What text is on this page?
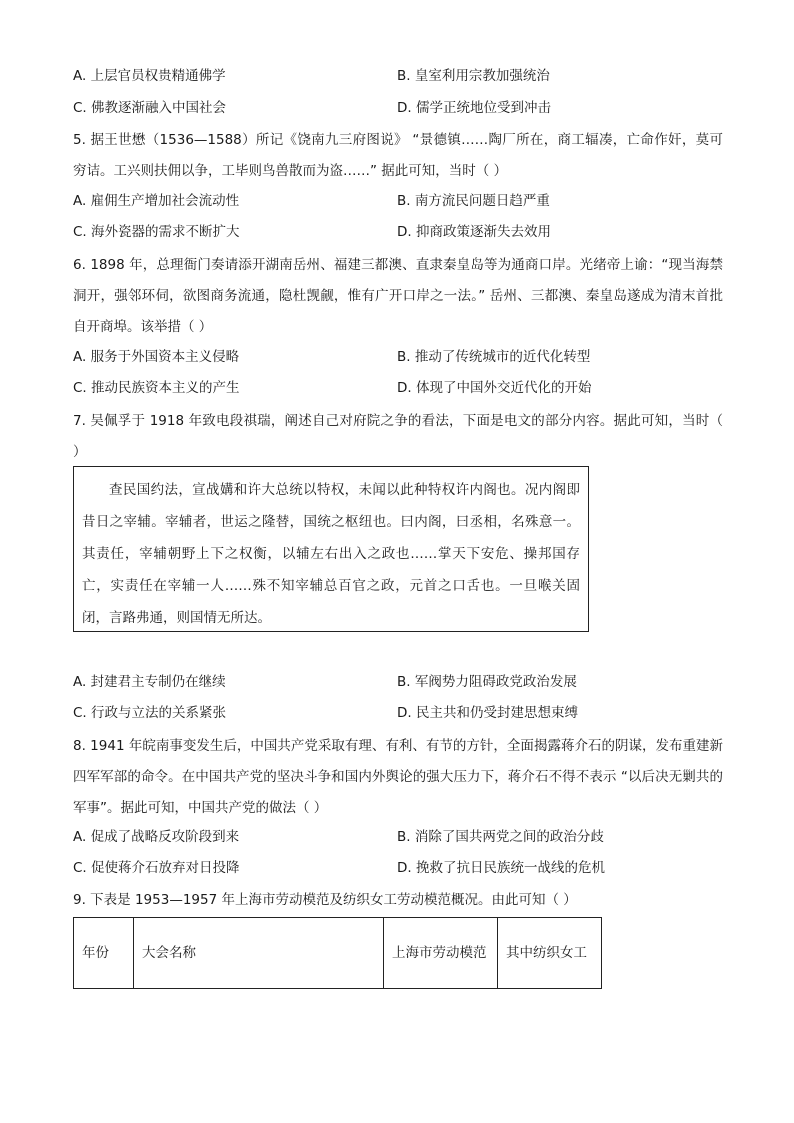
A. 上层官员权贵精通佛学	B. 皇室利用宗教加强统治
C. 佛教逐渐融入中国社会	D. 儒学正统地位受到冲击
5. 据王世懋（1536—1588）所记《饶南九三府图说》 “景德镇……陶厂所在，商工辐凑，亡命作奸，莫可穷诘。工兴则扶佣以争，工毕则鸟兽散而为盗……” 据此可知，当时（ ）
A. 雇佣生产增加社会流动性	B. 南方流民问题日趋严重
C. 海外瓷器的需求不断扩大	D. 抑商政策逐渐失去效用
6. 1898 年，总理衙门奏请添开湖南岳州、福建三都澳、直隶秦皇岛等为通商口岸。光绪帝上谕：“现当海禁洞开，强邻环伺，欲图商务流通，隐杜觊觎，惟有广开口岸之一法。” 岳州、三都澳、秦皇岛遂成为清末首批自开商埠。该举措（ ）
A. 服务于外国资本主义侵略	B. 推动了传统城市的近代化转型
C. 推动民族资本主义的产生	D. 体现了中国外交近代化的开始
7. 吴佩孚于 1918 年致电段祺瑞，阐述自己对府院之争的看法，下面是电文的部分内容。据此可知，当时（ ）

查民国约法，宣战媾和许大总统以特权，未闻以此种特权许内阁也。况内阁即昔日之宰辅。宰辅者，世运之隆替，国统之枢纽也。曰内阁，曰丞相，名殊意一。其责任，宰辅朝野上下之权衡，以辅左右出入之政也……掌天下安危、操邦国存亡，实责任在宰辅一人……殊不知宰辅总百官之政，元首之口舌也。一旦喉关固闭，言路弗通，则国情无所达。

A. 封建君主专制仍在继续	B. 军阀势力阻碍政党政治发展
C. 行政与立法的关系紧张	D. 民主共和仍受封建思想束缚
8. 1941 年皖南事变发生后，中国共产党采取有理、有利、有节的方针，全面揭露蒋介石的阴谋，发布重建新四军军部的命令。在中国共产党的坚决斗争和国内外舆论的强大压力下，蒋介石不得不表示 “以后决无剿共的军事”。据此可知，中国共产党的做法（ ）
A. 促成了战略反攻阶段到来	B. 消除了国共两党之间的政治分歧
C. 促使蒋介石放弃对日投降	D. 挽救了抗日民族统一战线的危机
9. 下表是 1953—1957 年上海市劳动模范及纺织女工劳动模范概况。由此可知（ ）
年份	大会名称	上海市劳动模范	其中纺织女工
